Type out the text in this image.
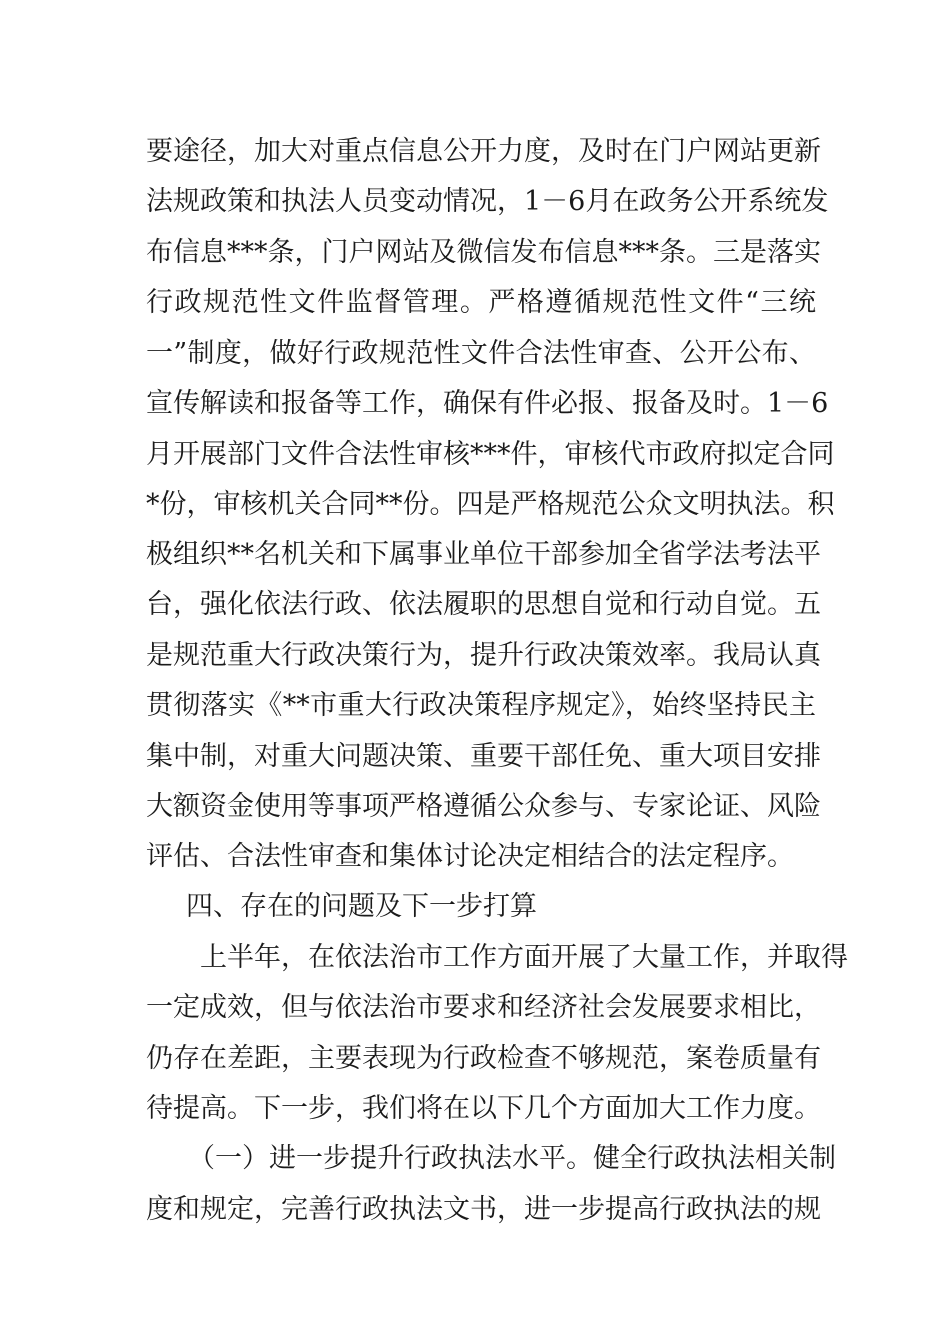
要途径，加大对重点信息公开力度，及时在门户网站更新
法规政策和执法人员变动情况，1－6月在政务公开系统发
布信息***条，门户网站及微信发布信息***条。三是落实
行政规范性文件监督管理。严格遵循规范性文件“三统
一”制度，做好行政规范性文件合法性审查、公开公布、
宣传解读和报备等工作，确保有件必报、报备及时。1－6
月开展部门文件合法性审核***件，审核代市政府拟定合同
*份，审核机关合同**份。四是严格规范公众文明执法。积
极组织**名机关和下属事业单位干部参加全省学法考法平
台，强化依法行政、依法履职的思想自觉和行动自觉。五
是规范重大行政决策行为，提升行政决策效率。我局认真
贯彻落实《**市重大行政决策程序规定》，始终坚持民主
集中制，对重大问题决策、重要干部任免、重大项目安排
大额资金使用等事项严格遵循公众参与、专家论证、风险
评估、合法性审查和集体讨论决定相结合的法定程序。
四、存在的问题及下一步打算
上半年，在依法治市工作方面开展了大量工作，并取得
一定成效，但与依法治市要求和经济社会发展要求相比，
仍存在差距，主要表现为行政检查不够规范，案卷质量有
待提高。下一步，我们将在以下几个方面加大工作力度。
（一）进一步提升行政执法水平。健全行政执法相关制
度和规定，完善行政执法文书，进一步提高行政执法的规
